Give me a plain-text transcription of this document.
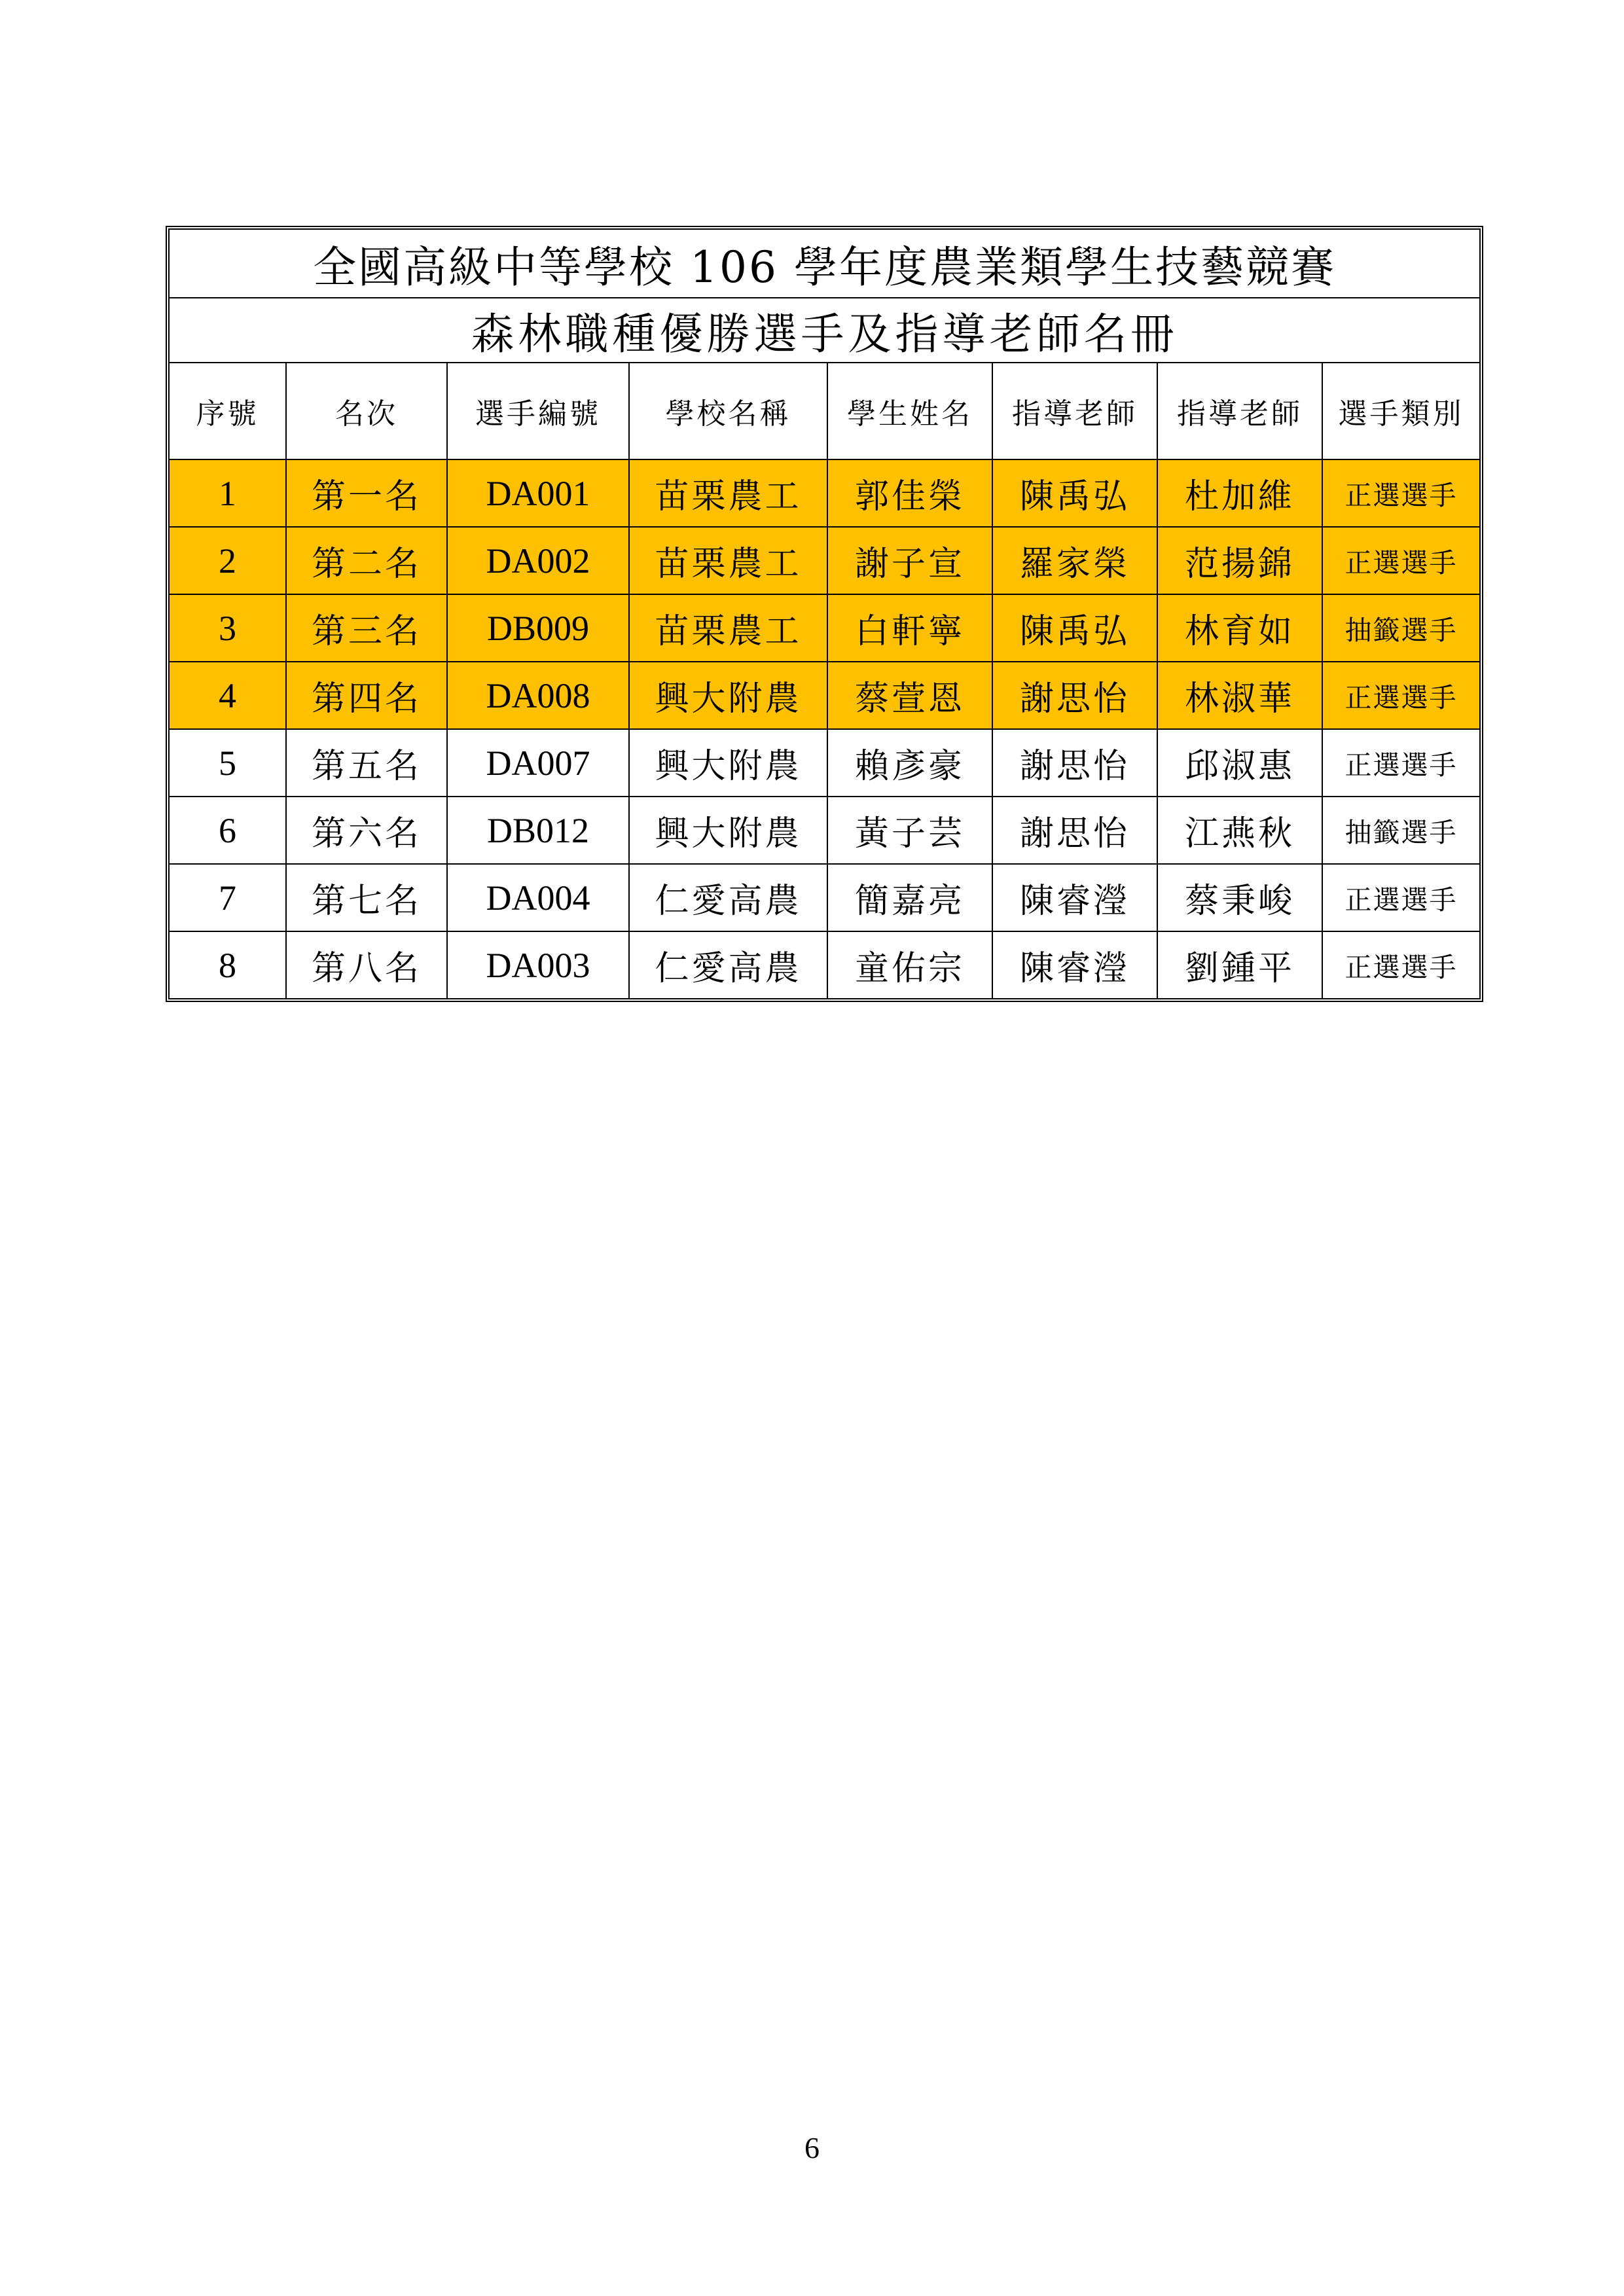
全國高級中等學校 106 學年度農業類學生技藝競賽							
森林職種優勝選手及指導老師名冊							
序號	名次	選手編號	學校名稱	學生姓名	指導老師	指導老師	選手類別
1	第一名	DA001	苗栗農工	郭佳榮	陳禹弘	杜加維	正選選手
2	第二名	DA002	苗栗農工	謝子宣	羅家榮	范揚錦	正選選手
3	第三名	DB009	苗栗農工	白軒寧	陳禹弘	林育如	抽籤選手
4	第四名	DA008	興大附農	蔡萱恩	謝思怡	林淑華	正選選手
5	第五名	DA007	興大附農	賴彥豪	謝思怡	邱淑惠	正選選手
6	第六名	DB012	興大附農	黃子芸	謝思怡	江燕秋	抽籤選手
7	第七名	DA004	仁愛高農	簡嘉亮	陳睿瀅	蔡秉峻	正選選手
8	第八名	DA003	仁愛高農	童佑宗	陳睿瀅	劉鍾平	正選選手
6
